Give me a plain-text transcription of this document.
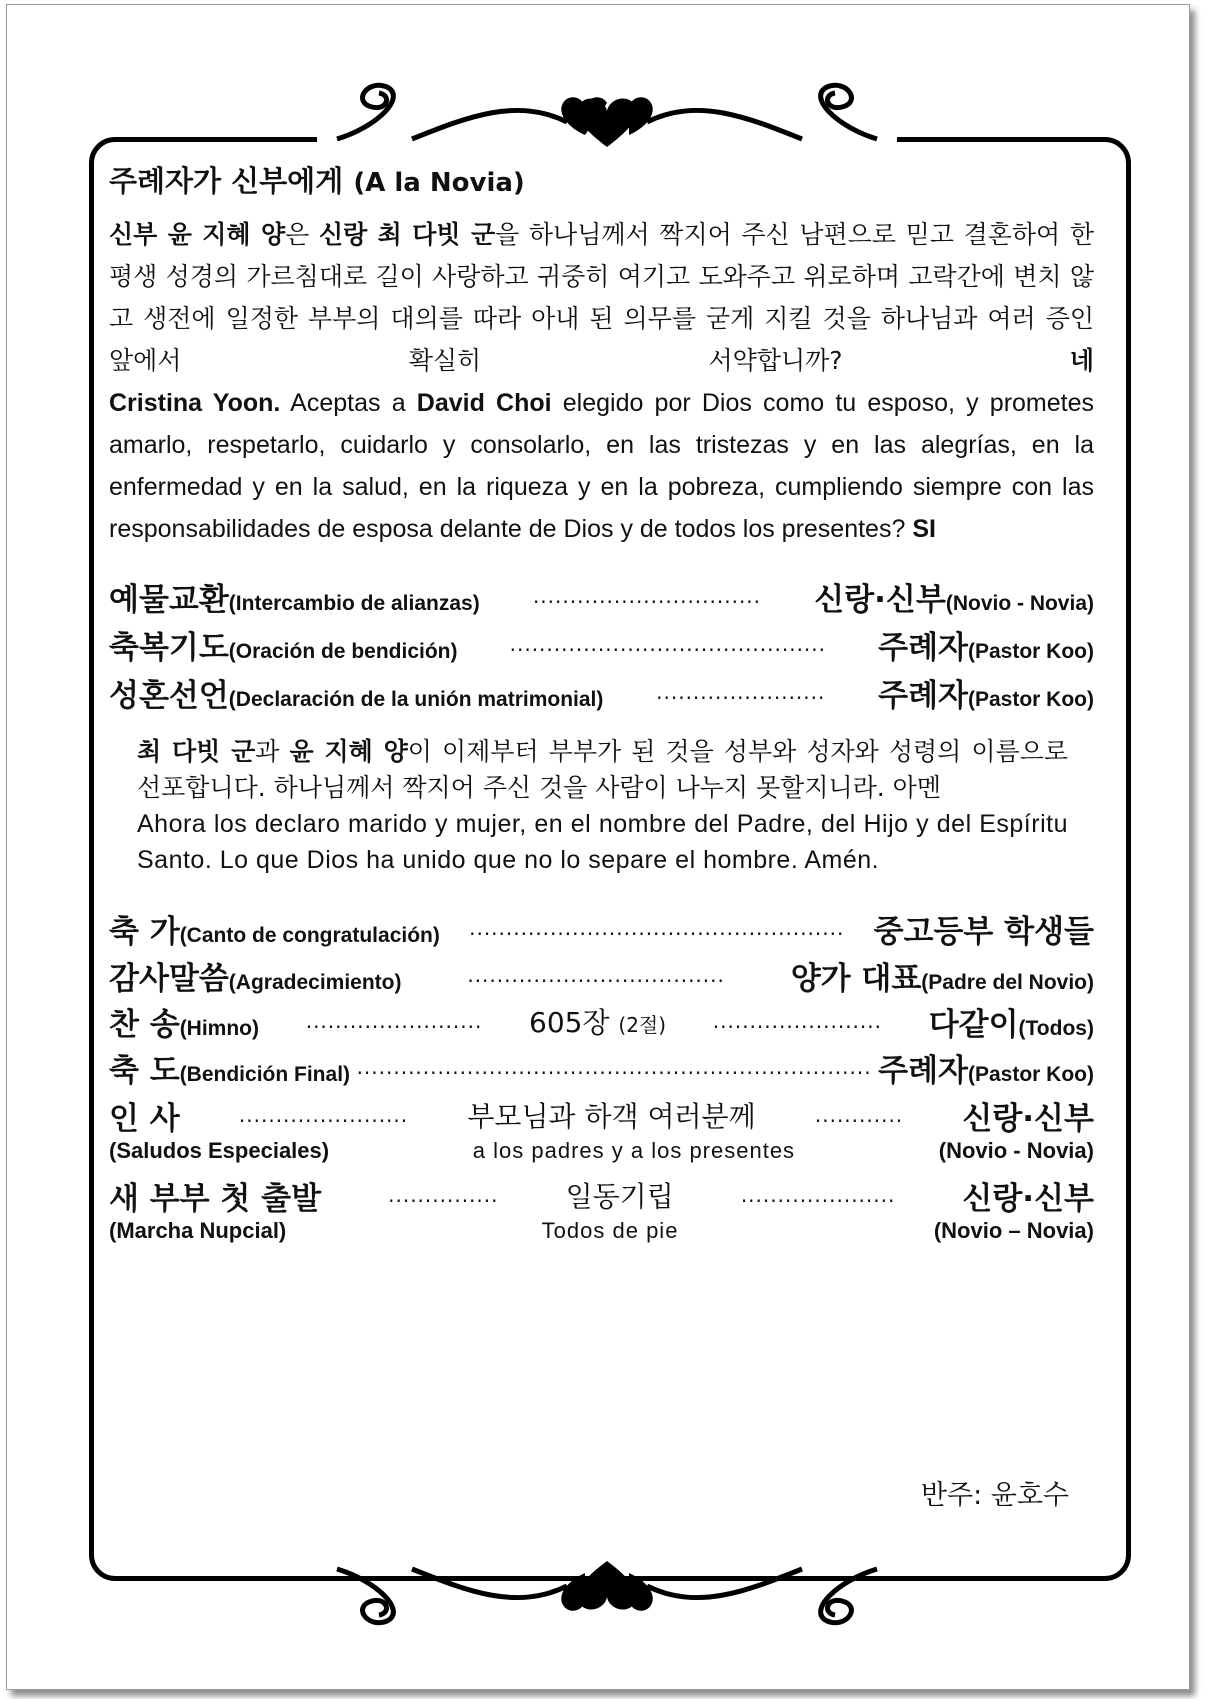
주례자가 신부에게 (A la Novia)

신부 윤 지혜 양은 신랑 최 다빗 군을 하나님께서 짝지어 주신 남편으로 믿고 결혼하여 한평생 성경의 가르침대로 길이 사랑하고 귀중히 여기고 도와주고 위로하며 고락간에 변치 않고 생전에 일정한 부부의 대의를 따라 아내 된 의무를 굳게 지킬 것을 하나님과 여러 증인 앞에서 확실히 서약합니까?	네

Cristina Yoon. Aceptas a David Choi elegido por Dios como tu esposo, y prometes amarlo, respetarlo, cuidarlo y consolarlo, en las tristezas y en las alegrías, en la enfermedad y en la salud, en la riqueza y en la pobreza, cumpliendo siempre con las responsabilidades de esposa delante de Dios y de todos los presentes? SI

예물교환(Intercambio de alianzas)	............................... 신랑·신부(Novio - Novia)
축복기도(Oración de bendición)	........................................... 주례자(Pastor Koo)
성혼선언(Declaración de la unión matrimonial)	....................... 주례자(Pastor Koo)
최 다빗 군과 윤 지혜 양이 이제부터 부부가 된 것을 성부와 성자와 성령의 이름으로 선포합니다. 하나님께서 짝지어 주신 것을 사람이 나누지 못할지니라. 아멘
Ahora los declaro marido y mujer, en el nombre del Padre, del Hijo y del Espíritu Santo. Lo que Dios ha unido que no lo separe el hombre. Amén.
축 가(Canto de congratulación) ................................................... 중고등부 학생들
감사말씀(Agradecimiento)	................................... 양가 대표(Padre del Novio)
찬 송(Himno) ........................ 605장 (2절) ....................... 다같이(Todos)
축 도(Bendición Final) ...................................................................... 주례자(Pastor Koo)
인 사	....................... 부모님과 하객 여러분께	............ 신랑·신부
(Saludos Especiales)	a los padres y a los presentes	(Novio - Novia)
새 부부 첫 출발	............... 일동기립	..................... 신랑·신부
(Marcha Nupcial)	Todos de pie	(Novio – Novia)
반주: 윤호수
